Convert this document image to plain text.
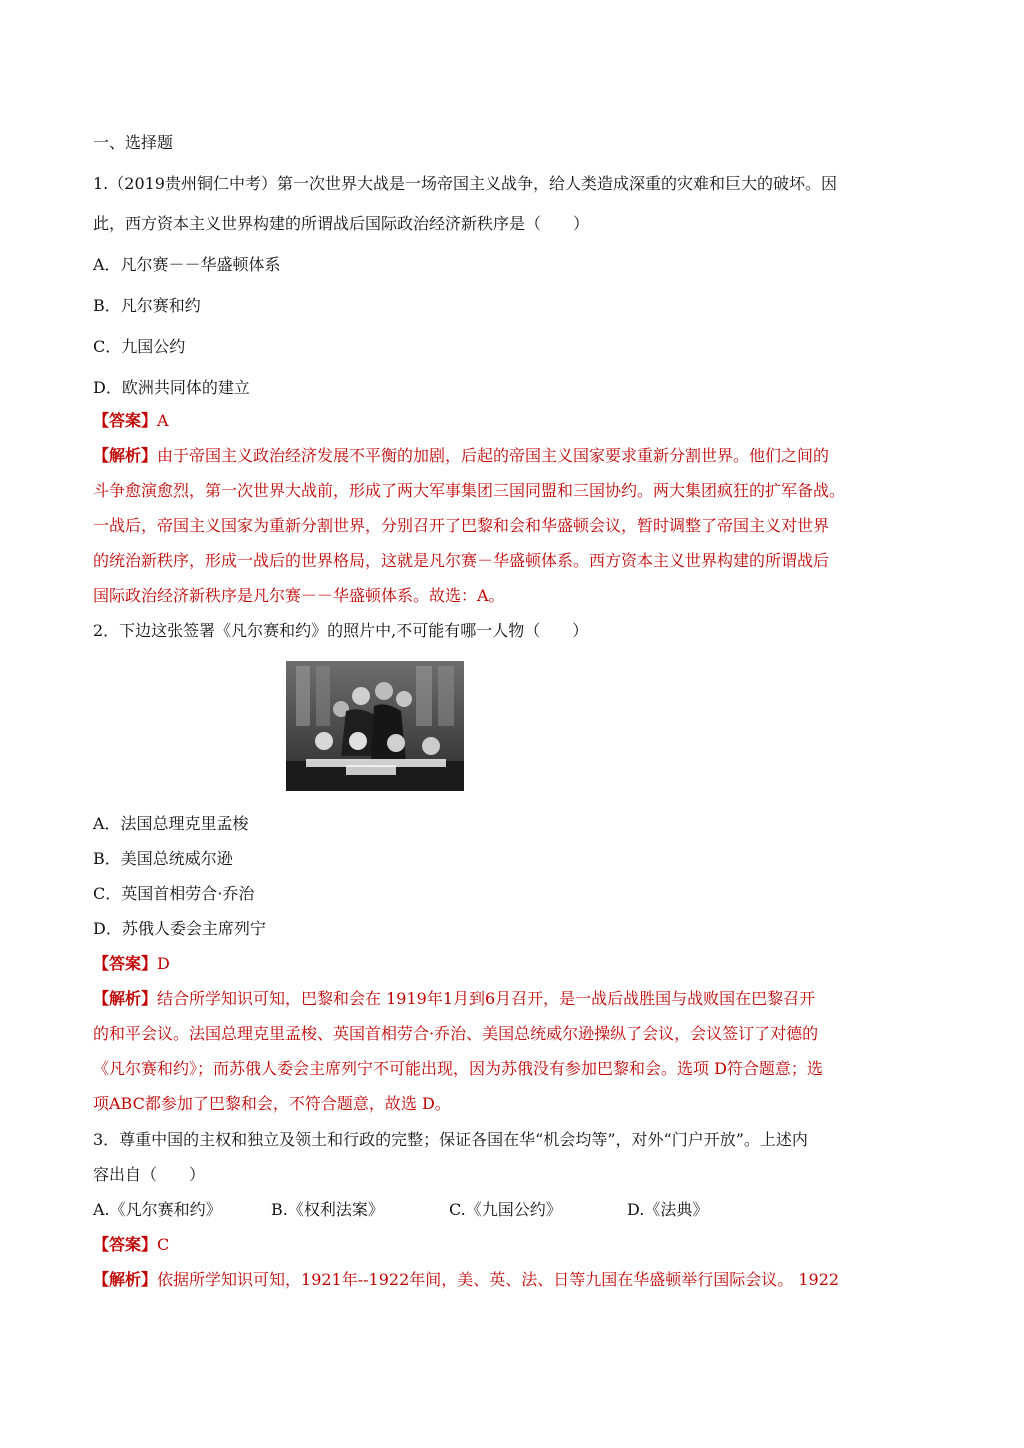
一、选择题
1.（2019贵州铜仁中考）第一次世界大战是一场帝国主义战争，给人类造成深重的灾难和巨大的破坏。因
此，西方资本主义世界构建的所谓战后国际政治经济新秩序是（　　）
A．凡尔赛－－华盛顿体系
B．凡尔赛和约
C．九国公约
D．欧洲共同体的建立
【答案】A
【解析】由于帝国主义政治经济发展不平衡的加剧，后起的帝国主义国家要求重新分割世界。他们之间的
斗争愈演愈烈，第一次世界大战前，形成了两大军事集团三国同盟和三国协约。两大集团疯狂的扩军备战。
一战后，帝国主义国家为重新分割世界，分别召开了巴黎和会和华盛顿会议，暂时调整了帝国主义对世界
的统治新秩序，形成一战后的世界格局，这就是凡尔赛－华盛顿体系。西方资本主义世界构建的所谓战后
国际政治经济新秩序是凡尔赛－－华盛顿体系。故选：A。
2．下边这张签署《凡尔赛和约》的照片中,不可能有哪一人物（　　）
A．法国总理克里孟梭
B．美国总统威尔逊
C．英国首相劳合·乔治
D．苏俄人委会主席列宁
【答案】D
【解析】结合所学知识可知，巴黎和会在 1919年1月到6月召开，是一战后战胜国与战败国在巴黎召开
的和平会议。法国总理克里孟梭、英国首相劳合·乔治、美国总统威尔逊操纵了会议，会议签订了对德的
《凡尔赛和约》；而苏俄人委会主席列宁不可能出现，因为苏俄没有参加巴黎和会。选项 D符合题意；选
项ABC都参加了巴黎和会，不符合题意，故选 D。
3．尊重中国的主权和独立及领土和行政的完整；保证各国在华“机会均等”，对外“门户开放”。上述内
容出自（　　）
A.《凡尔赛和约》	B.《权利法案》	C.《九国公约》	D.《法典》
【答案】C
【解析】依据所学知识可知，1921年--1922年间，美、英、法、日等九国在华盛顿举行国际会议。 1922
